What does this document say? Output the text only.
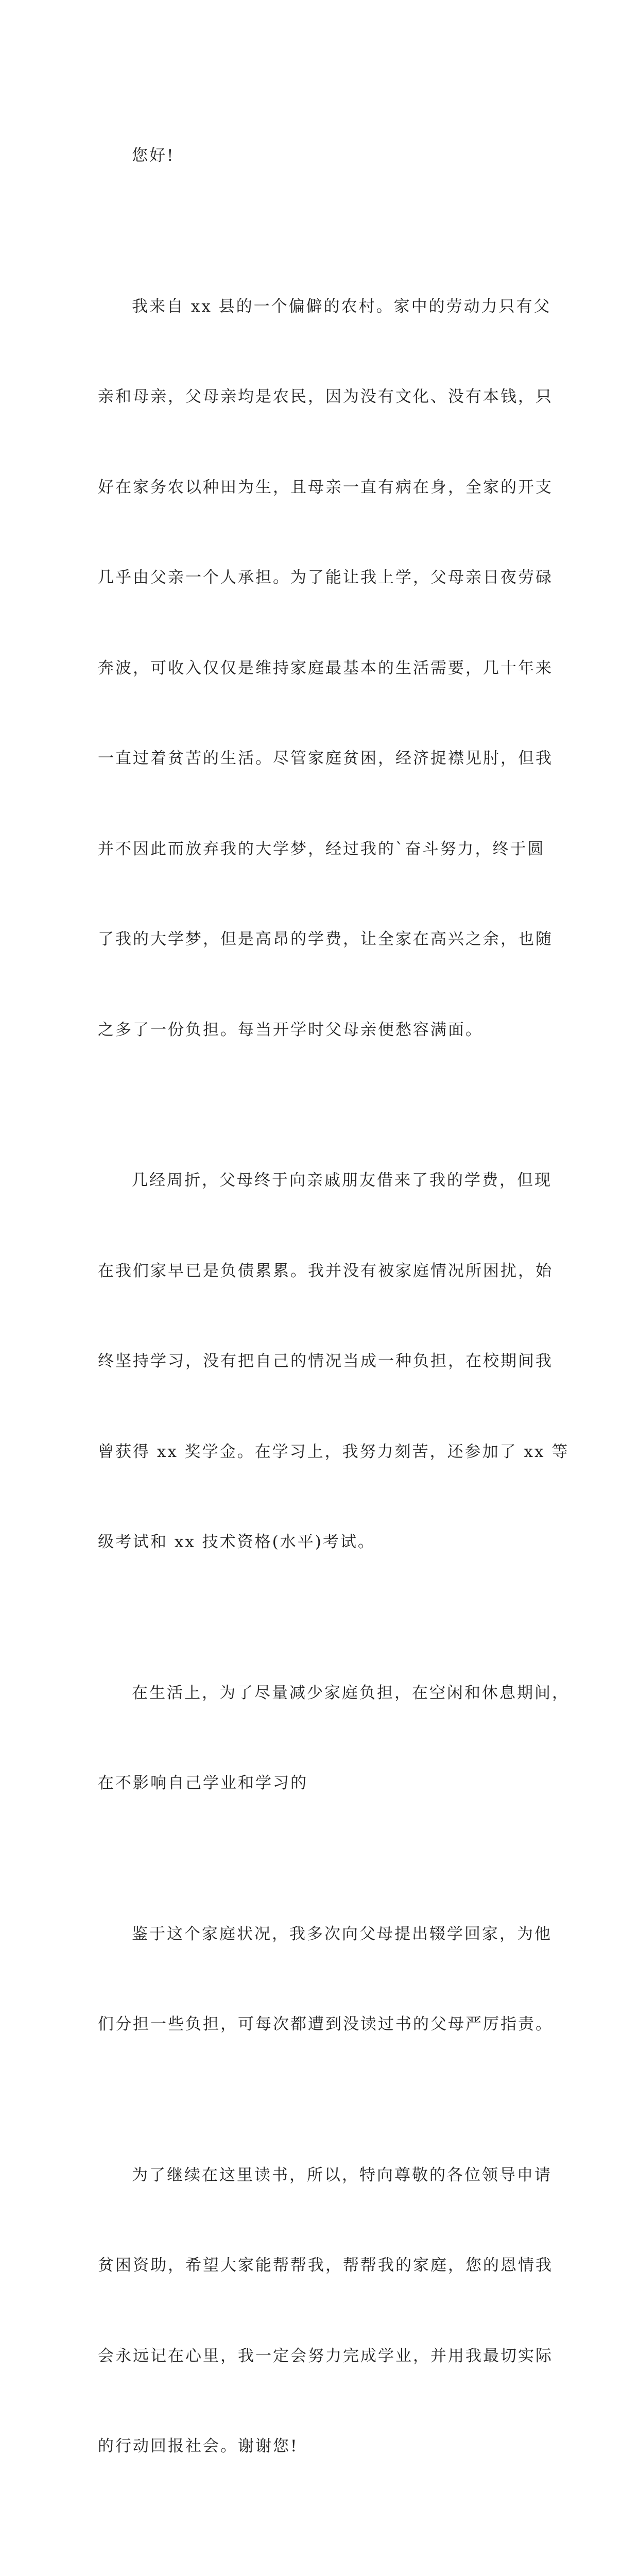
您好!

我来自 xx 县的一个偏僻的农村。家中的劳动力只有父

亲和母亲，父母亲均是农民，因为没有文化、没有本钱，只

好在家务农以种田为生，且母亲一直有病在身，全家的开支

几乎由父亲一个人承担。为了能让我上学，父母亲日夜劳碌

奔波，可收入仅仅是维持家庭最基本的生活需要，几十年来

一直过着贫苦的生活。尽管家庭贫困，经济捉襟见肘，但我

并不因此而放弃我的大学梦，经过我的`奋斗努力，终于圆

了我的大学梦，但是高昂的学费，让全家在高兴之余，也随

之多了一份负担。每当开学时父母亲便愁容满面。

几经周折，父母终于向亲戚朋友借来了我的学费，但现

在我们家早已是负债累累。我并没有被家庭情况所困扰，始

终坚持学习，没有把自己的情况当成一种负担，在校期间我

曾获得 xx 奖学金。在学习上，我努力刻苦，还参加了 xx 等

级考试和 xx 技术资格(水平)考试。

在生活上，为了尽量减少家庭负担，在空闲和休息期间，

在不影响自己学业和学习的

鉴于这个家庭状况，我多次向父母提出辍学回家，为他

们分担一些负担，可每次都遭到没读过书的父母严厉指责。

为了继续在这里读书，所以，特向尊敬的各位领导申请

贫困资助，希望大家能帮帮我，帮帮我的家庭，您的恩情我

会永远记在心里，我一定会努力完成学业，并用我最切实际

的行动回报社会。谢谢您!
